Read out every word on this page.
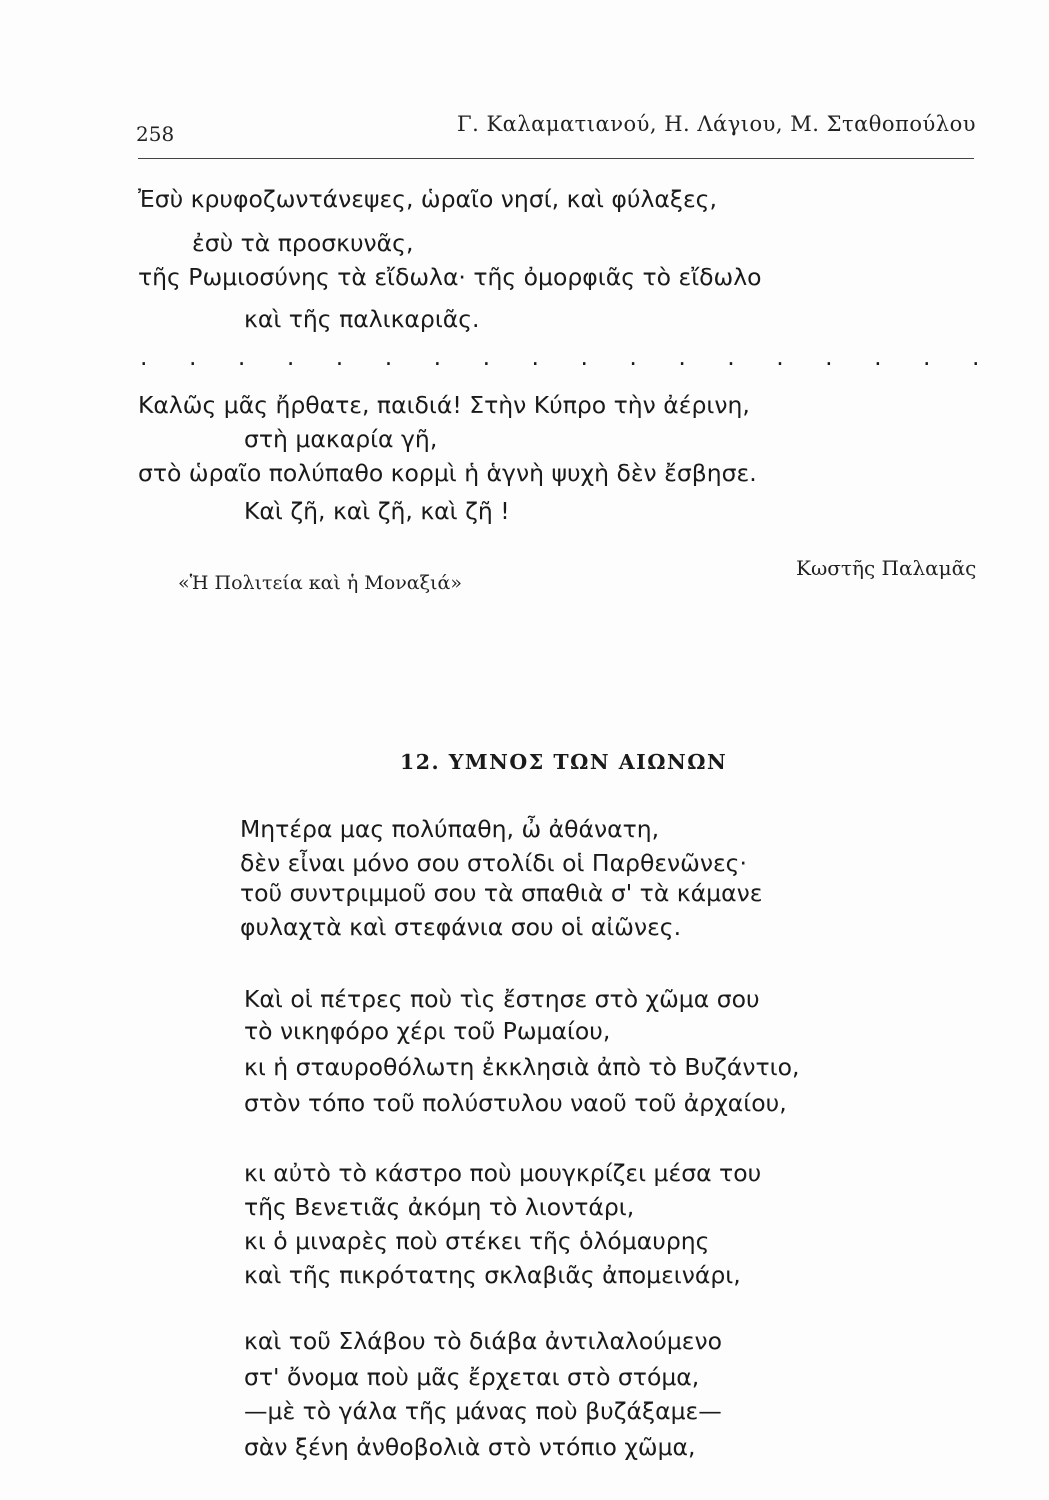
258	Γ. Καλαματιανού, Η. Λάγιου, Μ. Σταθοπούλου
Ἐσὺ κρυφοζωντάνεψες, ὡραῖο νησί, καὶ φύλαξες,
ἐσὺ τὰ προσκυνᾶς,
τῆς Ρωμιοσύνης τὰ εἴδωλα· τῆς ὀμορφιᾶς τὸ εἴδωλο
καὶ τῆς παλικαριᾶς.
. . . . . . . . . . . . . . . . . .
Καλῶς μᾶς ἤρθατε, παιδιά! Στὴν Κύπρο τὴν ἀέρινη,
στὴ μακαρία γῆ,
στὸ ὡραῖο πολύπαθο κορμὶ ἡ ἁγνὴ ψυχὴ δὲν ἔσβησε.
Καὶ ζῆ, καὶ ζῆ, καὶ ζῆ !
«Ἡ Πολιτεία καὶ ἡ Μοναξιά»
Κωστῆς Παλαμᾶς
12. ΥΜΝΟΣ ΤΩΝ ΑΙΩΝΩΝ
Μητέρα μας πολύπαθη, ὦ ἀθάνατη,
δὲν εἶναι μόνο σου στολίδι οἱ Παρθενῶνες·
τοῦ συντριμμοῦ σου τὰ σπαθιὰ σ' τὰ κάμανε
φυλαχτὰ καὶ στεφάνια σου οἱ αἰῶνες.
Καὶ οἱ πέτρες ποὺ τὶς ἔστησε στὸ χῶμα σου
τὸ νικηφόρο χέρι τοῦ Ρωμαίου,
κι ἡ σταυροθόλωτη ἐκκλησιὰ ἀπὸ τὸ Βυζάντιο,
στὸν τόπο τοῦ πολύστυλου ναοῦ τοῦ ἀρχαίου,
κι αὐτὸ τὸ κάστρο ποὺ μουγκρίζει μέσα του
τῆς Βενετιᾶς ἀκόμη τὸ λιοντάρι,
κι ὁ μιναρὲς ποὺ στέκει τῆς ὁλόμαυρης
καὶ τῆς πικρότατης σκλαβιᾶς ἀπομεινάρι,
καὶ τοῦ Σλάβου τὸ διάβα ἀντιλαλούμενο
στ' ὄνομα ποὺ μᾶς ἔρχεται στὸ στόμα,
—μὲ τὸ γάλα τῆς μάνας ποὺ βυζάξαμε—
σὰν ξένη ἀνθοβολιὰ στὸ ντόπιο χῶμα,
